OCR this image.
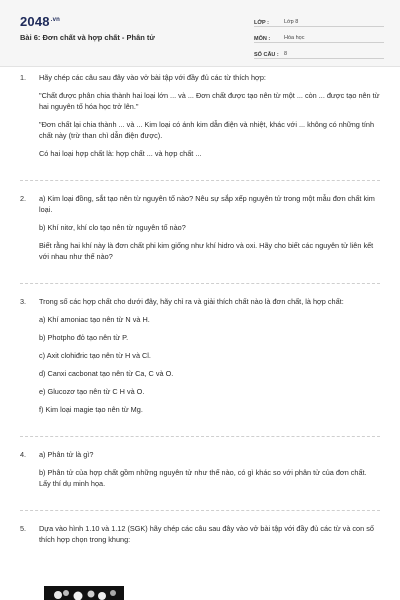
$2048^{.vn}$
Bài 6: Đơn chất và hợp chất - Phân tử
LỚP :	Lớp 8
MÔN :	Hóa học
SỐ CÂU : 8
1. Hãy chép các câu sau đây vào vở bài tập với đầy đủ các từ thích hợp:

"Chất được phân chia thành hai loại lớn ... và ... Đơn chất được tạo nên từ một ... còn ... được tạo nên từ hai nguyên tố hóa học trở lên."

"Đơn chất lại chia thành ... và ... Kim loại có ánh kim dẫn điện và nhiệt, khác với ... không có những tính chất này (trừ than chì dẫn điện được).

Có hai loại hợp chất là: hợp chất ... và hợp chất ...

2. a) Kim loại đồng, sắt tạo nên từ nguyên tố nào? Nêu sự sắp xếp nguyên tử trong một mẫu đơn chất kim loại.

b) Khí nitơ, khí clo tạo nên từ nguyên tố nào?

Biết rằng hai khí này là đơn chất phi kim giống như khí hidro và oxi. Hãy cho biết các nguyên tử liên kết với nhau như thế nào?

3. Trong số các hợp chất cho dưới đây, hãy chỉ ra và giải thích chất nào là đơn chất, là hợp chất:

a) Khí amoniac tạo nên từ N và H.

b) Photpho đỏ tạo nên từ P.

c) Axit clohiđric tạo nên từ H và Cl.

d) Canxi cacbonat tạo nên từ Ca, C và O.

e) Glucozơ tạo nên từ C H và O.

f) Kim loại magie tạo nên từ Mg.

4. a) Phân tử là gì?

b) Phân tử của hợp chất gồm những nguyên tử như thế nào, có gì khác so với phân tử của đơn chất. Lấy thí dụ minh họa.

5. Dựa vào hình 1.10 và 1.12 (SGK) hãy chép các câu sau đây vào vở bài tập với đầy đủ các từ và con số thích hợp chọn trong khung:
